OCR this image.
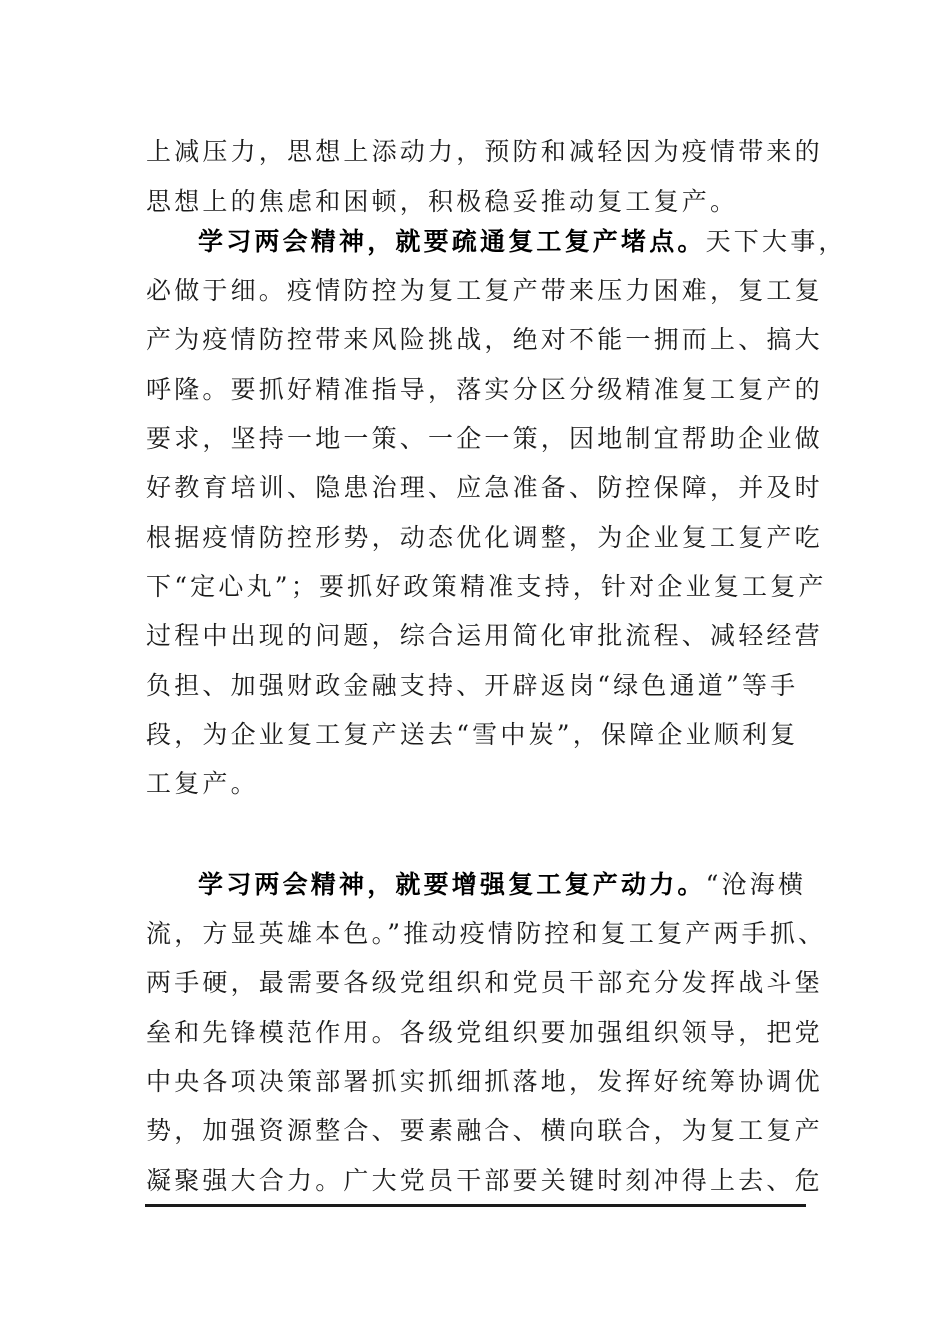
上减压力，思想上添动力，预防和减轻因为疫情带来的
思想上的焦虑和困顿，积极稳妥推动复工复产。
学习两会精神，就要疏通复工复产堵点。天下大事，
必做于细。疫情防控为复工复产带来压力困难，复工复
产为疫情防控带来风险挑战，绝对不能一拥而上、搞大
呼隆。要抓好精准指导，落实分区分级精准复工复产的
要求，坚持一地一策、一企一策，因地制宜帮助企业做
好教育培训、隐患治理、应急准备、防控保障，并及时
根据疫情防控形势，动态优化调整，为企业复工复产吃
下“定心丸”；要抓好政策精准支持，针对企业复工复产
过程中出现的问题，综合运用简化审批流程、减轻经营
负担、加强财政金融支持、开辟返岗“绿色通道”等手
段，为企业复工复产送去“雪中炭”，保障企业顺利复
工复产。
学习两会精神，就要增强复工复产动力。“沧海横
流，方显英雄本色。”推动疫情防控和复工复产两手抓、
两手硬，最需要各级党组织和党员干部充分发挥战斗堡
垒和先锋模范作用。各级党组织要加强组织领导，把党
中央各项决策部署抓实抓细抓落地，发挥好统筹协调优
势，加强资源整合、要素融合、横向联合，为复工复产
凝聚强大合力。广大党员干部要关键时刻冲得上去、危
